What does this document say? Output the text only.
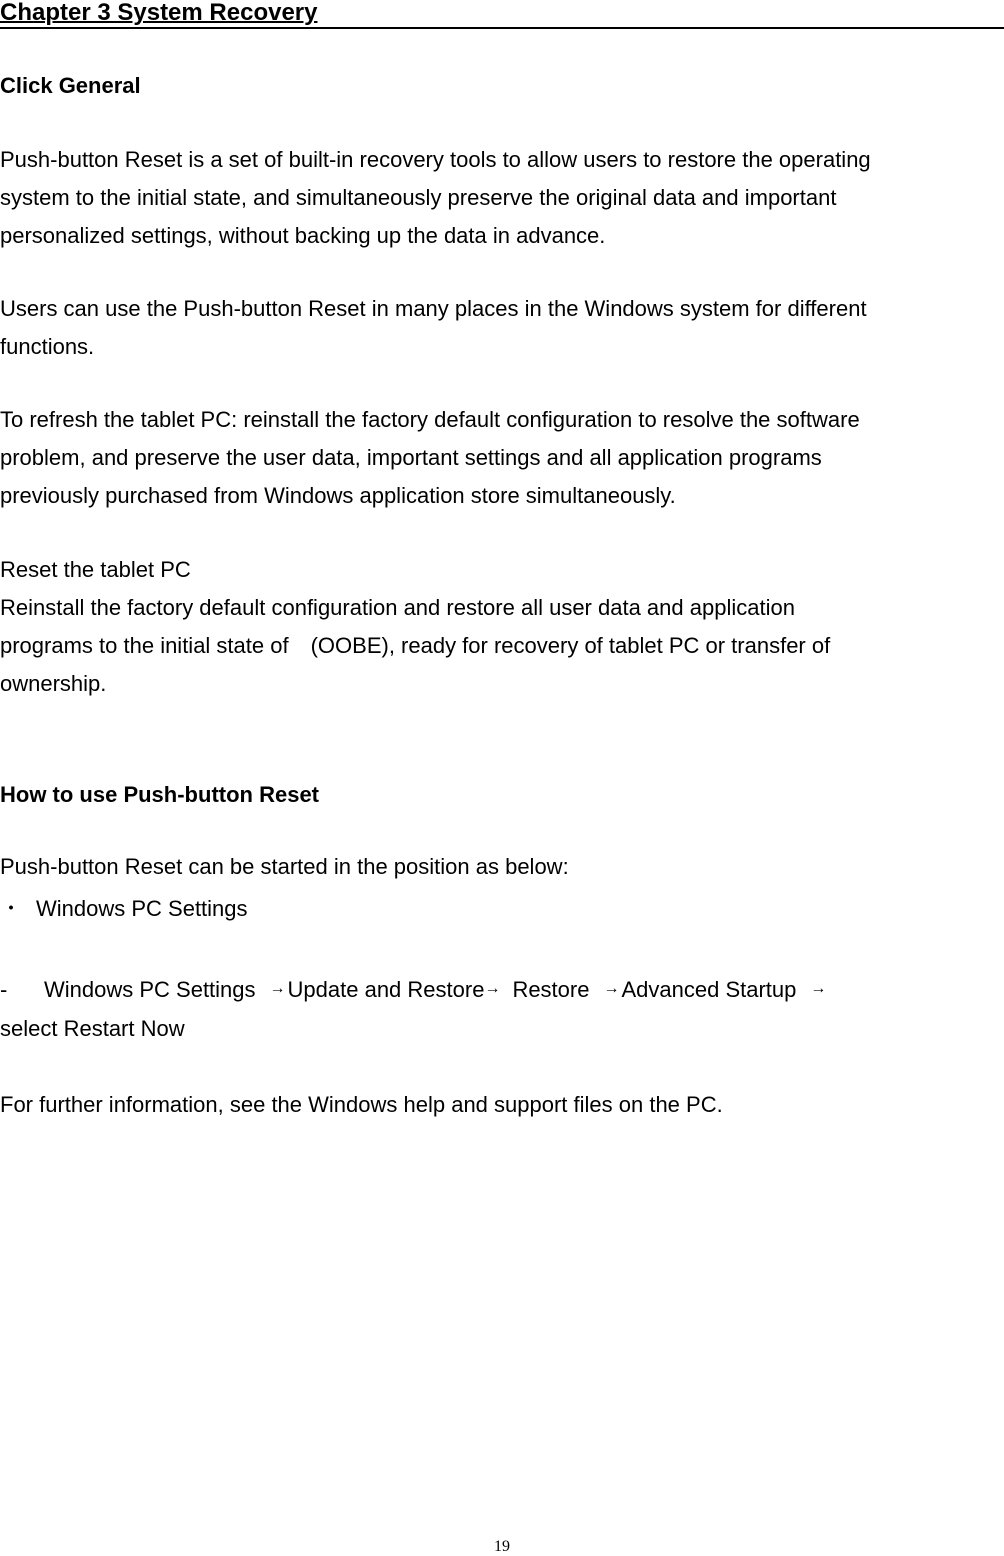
Chapter 3 System Recovery
Click General
Push-button Reset is a set of built-in recovery tools to allow users to restore the operating
system to the initial state, and simultaneously preserve the original data and important
personalized settings, without backing up the data in advance.
Users can use the Push-button Reset in many places in the Windows system for different
functions.
To refresh the tablet PC: reinstall the factory default configuration to resolve the software
problem, and preserve the user data, important settings and all application programs
previously purchased from Windows application store simultaneously.
Reset the tablet PC
Reinstall the factory default configuration and restore all user data and application
programs to the initial state of　(OOBE), ready for recovery of tablet PC or transfer of
ownership.
How to use Push-button Reset
Push-button Reset can be started in the position as below:
・ Windows PC Settings
- Windows PC Settings →Update and Restore→ Restore →Advanced Startup →
select Restart Now
For further information, see the Windows help and support files on the PC.
19
